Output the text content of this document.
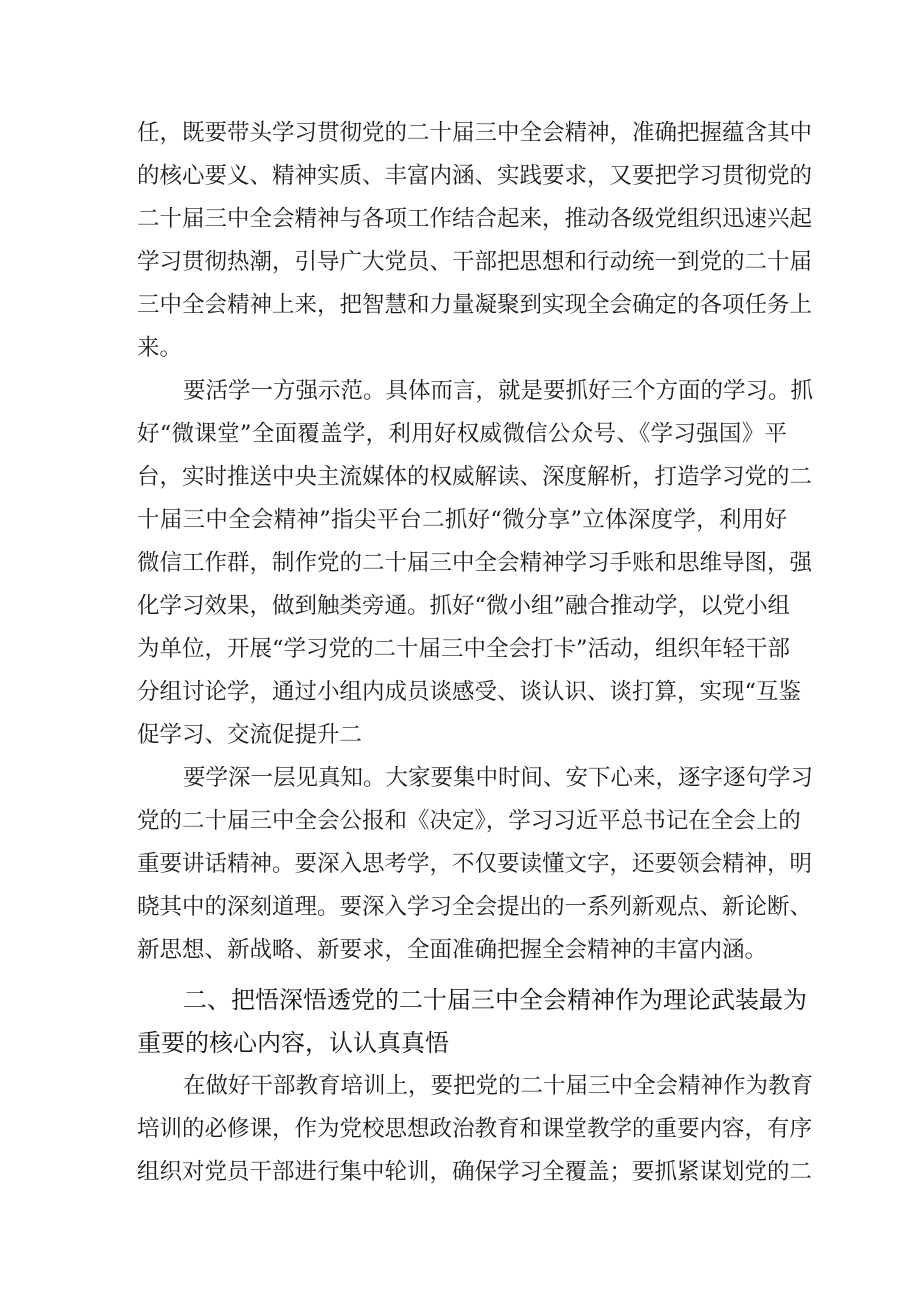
任，既要带头学习贯彻党的二十届三中全会精神，准确把握蕴含其中
的核心要义、精神实质、丰富内涵、实践要求，又要把学习贯彻党的
二十届三中全会精神与各项工作结合起来，推动各级党组织迅速兴起
学习贯彻热潮，引导广大党员、干部把思想和行动统一到党的二十届
三中全会精神上来，把智慧和力量凝聚到实现全会确定的各项任务上
来。
要活学一方强示范。具体而言，就是要抓好三个方面的学习。抓
好“微课堂”全面覆盖学，利用好权威微信公众号、《学习强国》平
台，实时推送中央主流媒体的权威解读、深度解析，打造学习党的二
十届三中全会精神”指尖平台二抓好“微分享”立体深度学，利用好
微信工作群，制作党的二十届三中全会精神学习手账和思维导图，强
化学习效果，做到触类旁通。抓好“微小组”融合推动学，以党小组
为单位，开展“学习党的二十届三中全会打卡”活动，组织年轻干部
分组讨论学，通过小组内成员谈感受、谈认识、谈打算，实现“互鉴
促学习、交流促提升二
要学深一层见真知。大家要集中时间、安下心来，逐字逐句学习
党的二十届三中全会公报和《决定》，学习习近平总书记在全会上的
重要讲话精神。要深入思考学，不仅要读懂文字，还要领会精神，明
晓其中的深刻道理。要深入学习全会提出的一系列新观点、新论断、
新思想、新战略、新要求，全面准确把握全会精神的丰富内涵。
二、把悟深悟透党的二十届三中全会精神作为理论武装最为
重要的核心内容，认认真真悟
在做好干部教育培训上，要把党的二十届三中全会精神作为教育
培训的必修课，作为党校思想政治教育和课堂教学的重要内容，有序
组织对党员干部进行集中轮训，确保学习全覆盖；要抓紧谋划党的二
